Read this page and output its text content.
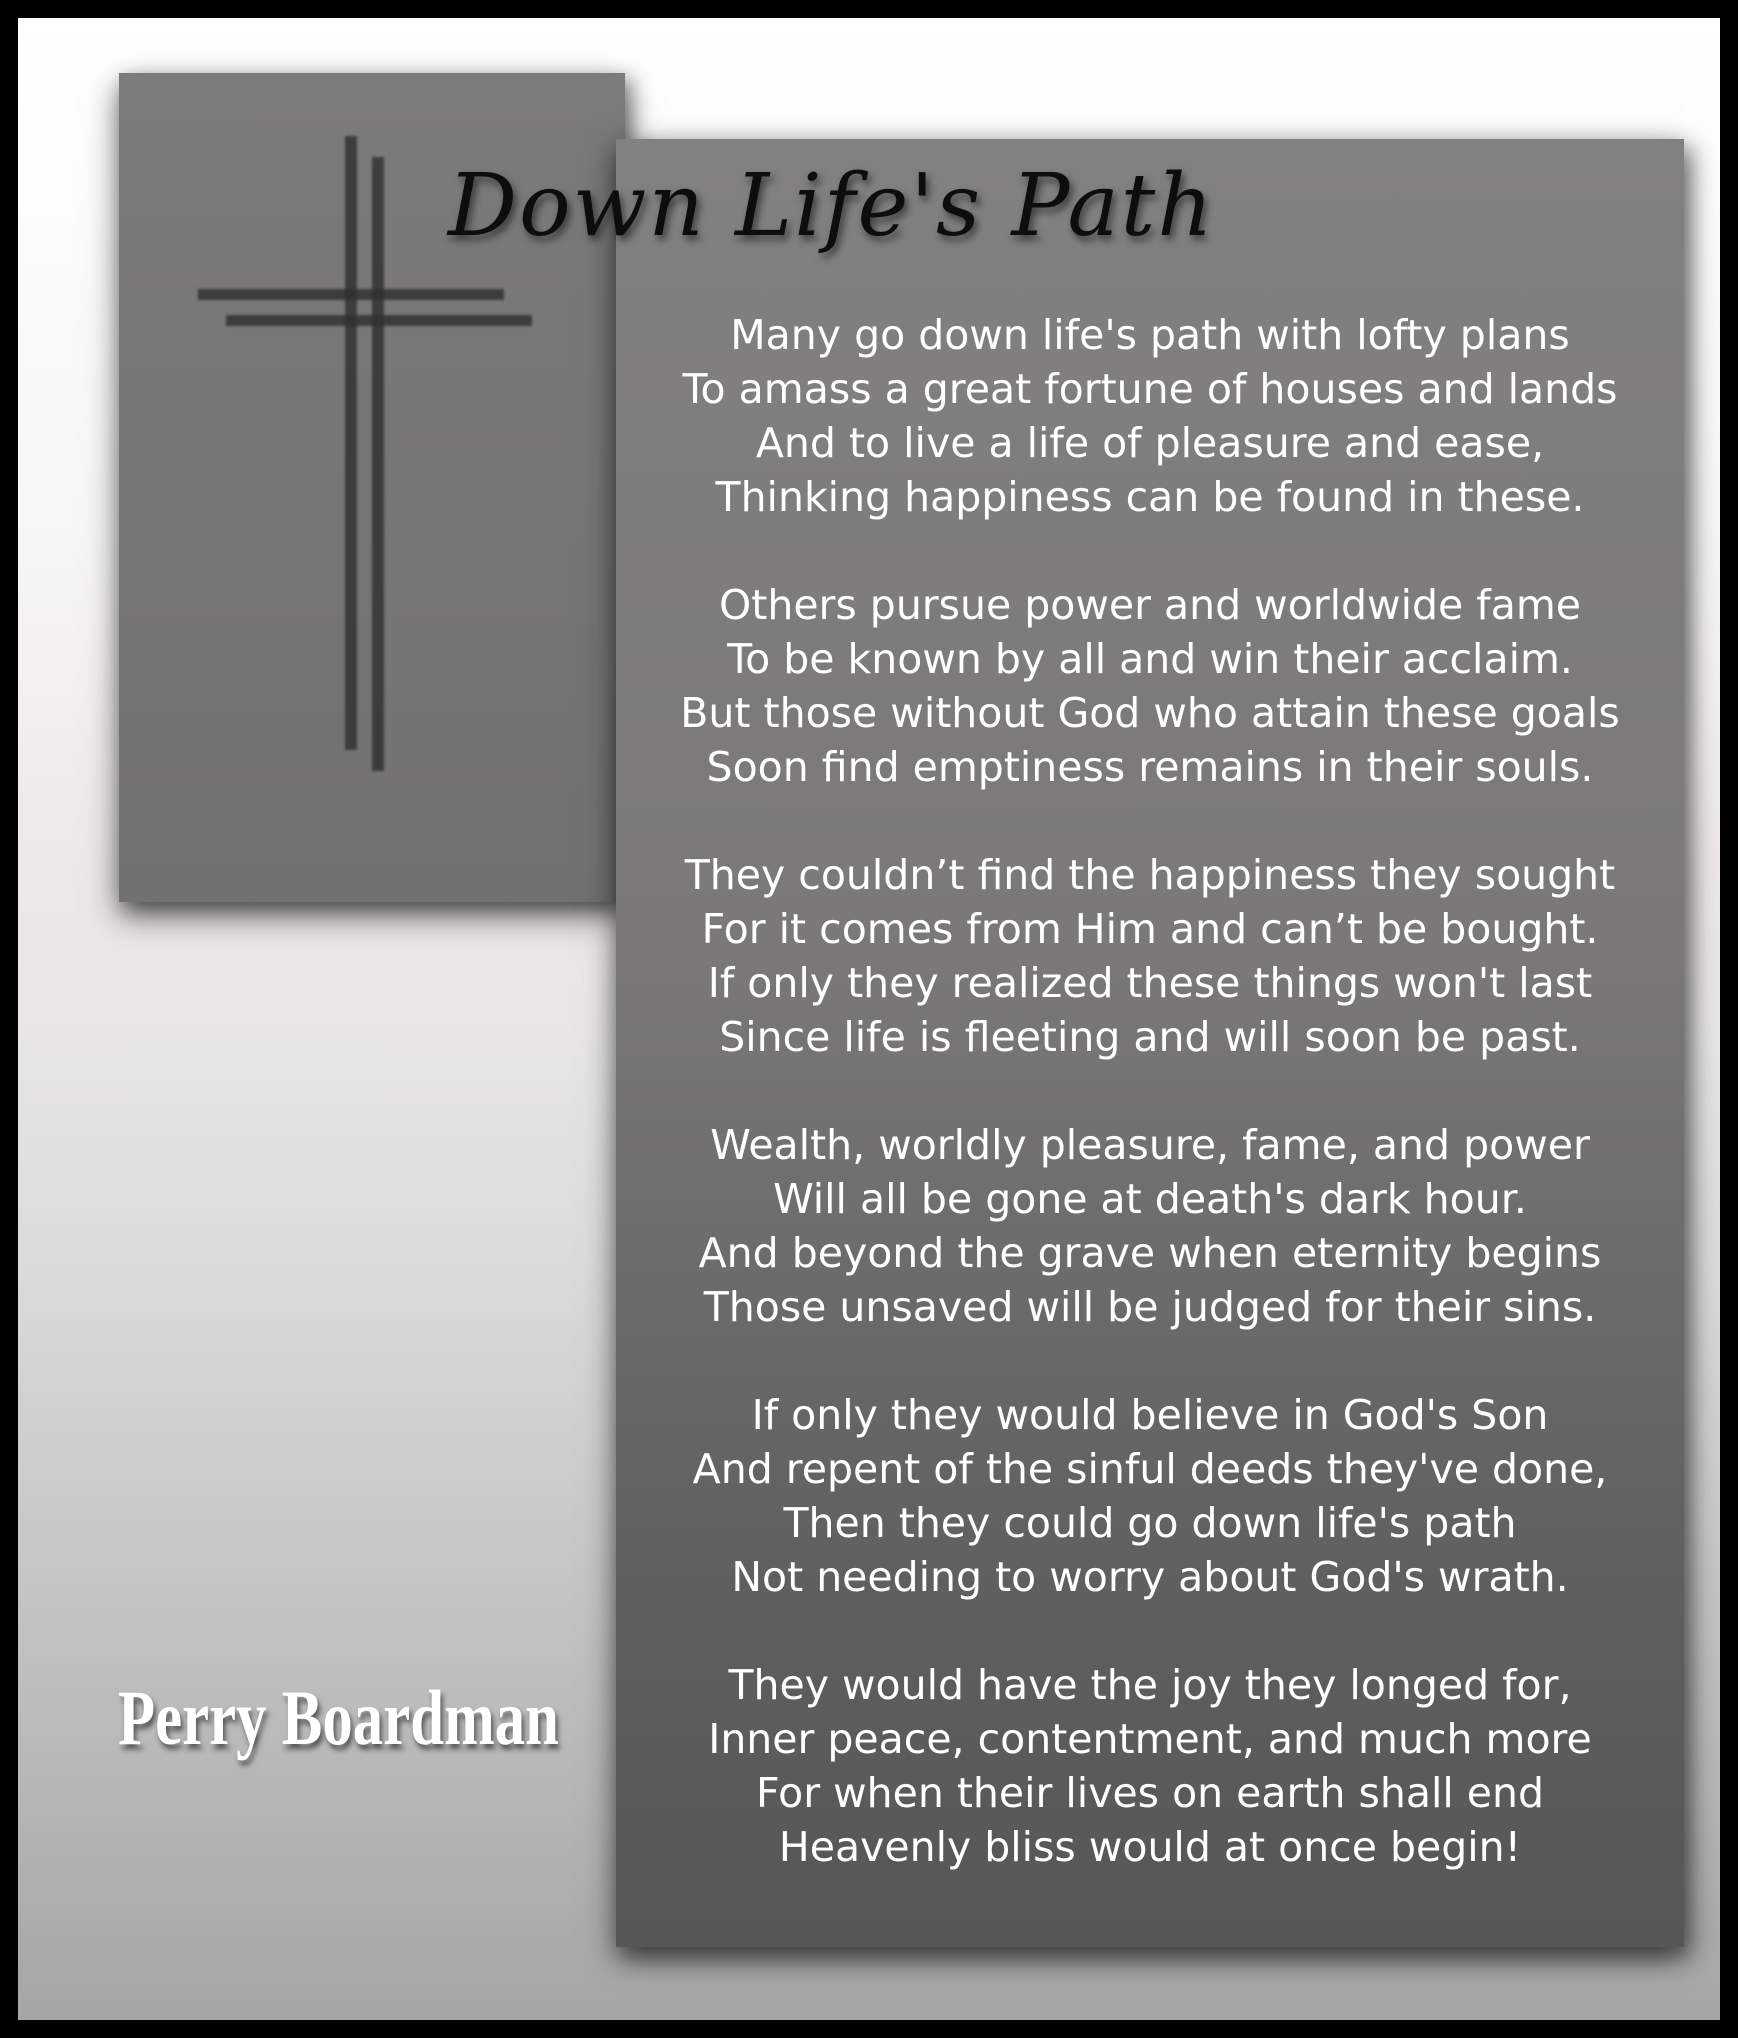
Down Life's Path
Many go down life's path with lofty plans
To amass a great fortune of houses and lands
And to live a life of pleasure and ease,
Thinking happiness can be found in these.
Others pursue power and worldwide fame
To be known by all and win their acclaim.
But those without God who attain these goals
Soon find emptiness remains in their souls.
They couldn’t find the happiness they sought
For it comes from Him and can’t be bought.
If only they realized these things won't last
Since life is fleeting and will soon be past.
Wealth, worldly pleasure, fame, and power
Will all be gone at death's dark hour.
And beyond the grave when eternity begins
Those unsaved will be judged for their sins.
If only they would believe in God's Son
And repent of the sinful deeds they've done,
Then they could go down life's path
Not needing to worry about God's wrath.
They would have the joy they longed for,
Inner peace, contentment, and much more
For when their lives on earth shall end
Heavenly bliss would at once begin!
Perry Boardman
